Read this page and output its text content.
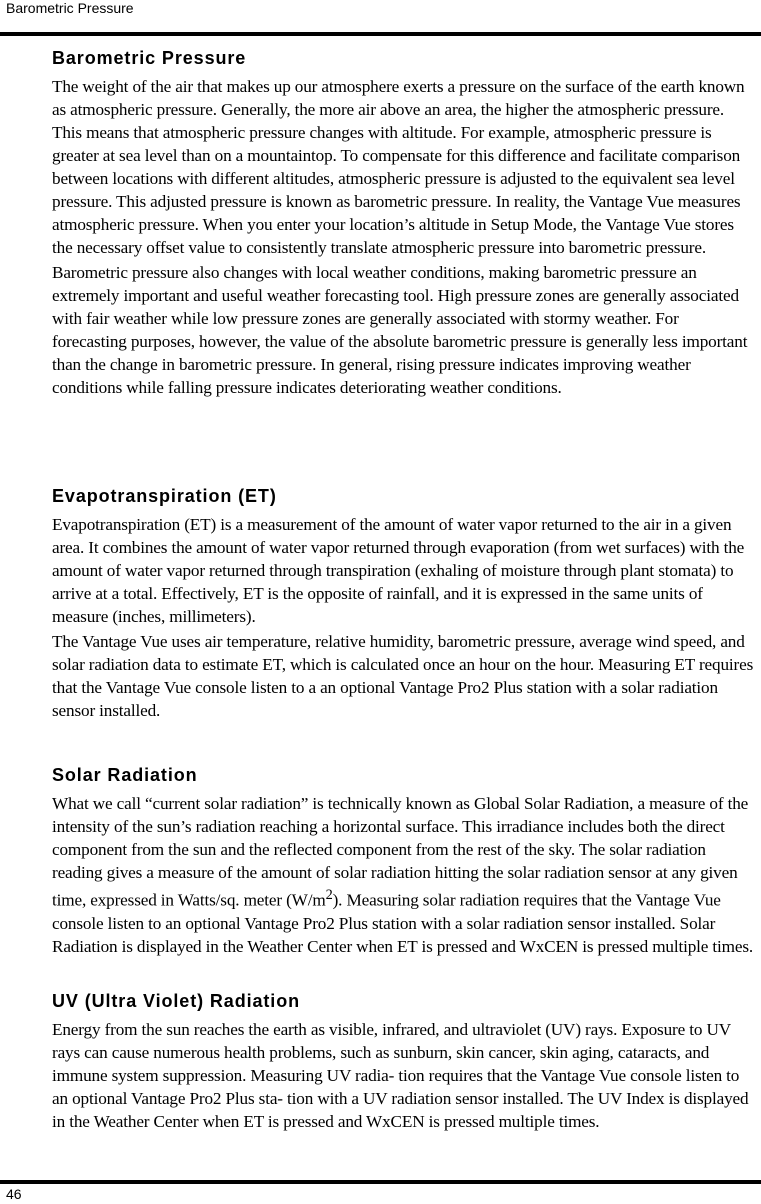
Barometric Pressure
Barometric Pressure

The weight of the air that makes up our atmosphere exerts a pressure on the surface of the earth known as atmospheric pressure. Generally, the more air above an area, the higher the atmospheric pressure. This means that atmospheric pressure changes with altitude. For example, atmospheric pressure is greater at sea level than on a mountaintop. To compensate for this difference and facilitate comparison between locations with different altitudes, atmospheric pressure is adjusted to the equivalent sea level pressure. This adjusted pressure is known as barometric pressure. In reality, the Vantage Vue measures atmospheric pressure. When you enter your location’s altitude in Setup Mode, the Vantage Vue stores the necessary offset value to consistently translate atmospheric pressure into barometric pressure.

Barometric pressure also changes with local weather conditions, making barometric pressure an extremely important and useful weather forecasting tool. High pressure zones are generally associated with fair weather while low pressure zones are generally associated with stormy weather. For forecasting purposes, however, the value of the absolute barometric pressure is generally less important than the change in barometric pressure. In general, rising pressure indicates improving weather conditions while falling pressure indicates deteriorating weather conditions.

Evapotranspiration (ET)

Evapotranspiration (ET) is a measurement of the amount of water vapor returned to the air in a given area. It combines the amount of water vapor returned through evaporation (from wet surfaces) with the amount of water vapor returned through transpiration (exhaling of moisture through plant stomata) to arrive at a total. Effectively, ET is the opposite of rainfall, and it is expressed in the same units of measure (inches, millimeters).

The Vantage Vue uses air temperature, relative humidity, barometric pressure, average wind speed, and solar radiation data to estimate ET, which is calculated once an hour on the hour. Measuring ET requires that the Vantage Vue console listen to a an optional Vantage Pro2 Plus station with a solar radiation sensor installed.

Solar Radiation

What we call “current solar radiation” is technically known as Global Solar Radiation, a measure of the intensity of the sun’s radiation reaching a horizontal surface. This irradiance includes both the direct component from the sun and the reflected component from the rest of the sky. The solar radiation reading gives a measure of the amount of solar radiation hitting the solar radiation sensor at any given time, expressed in Watts/sq. meter $(W/m^2)$. Measuring solar radiation requires that the Vantage Vue console listen to an optional Vantage Pro2 Plus station with a solar radiation sensor installed. Solar Radiation is displayed in the Weather Center when ET is pressed and WxCEN is pressed multiple times.

UV (Ultra Violet) Radiation

Energy from the sun reaches the earth as visible, infrared, and ultraviolet (UV) rays. Exposure to UV rays can cause numerous health problems, such as sunburn, skin cancer, skin aging, cataracts, and immune system suppression. Measuring UV radia- tion requires that the Vantage Vue console listen to an optional Vantage Pro2 Plus sta- tion with a UV radiation sensor installed. The UV Index is displayed in the Weather Center when ET is pressed and WxCEN is pressed multiple times.

46
